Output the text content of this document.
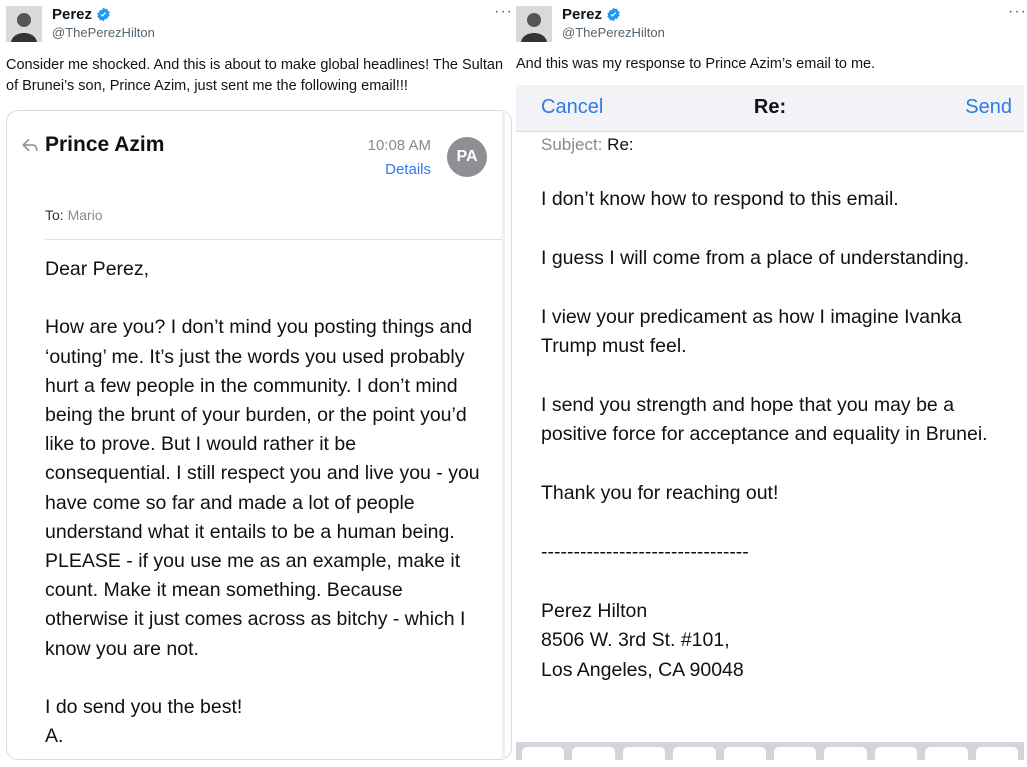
Perez
@ThePerezHilton
···
Consider me shocked. And this is about to make global headlines! The Sultan of Brunei’s son, Prince Azim, just sent me the following email!!!
Prince Azim	10:08 AM
Details
PA
To: Mario
Dear Perez,

How are you? I don’t mind you posting things and ‘outing’ me. It’s just the words you used probably hurt a few people in the community. I don’t mind being the brunt of your burden, or the point you’d like to prove. But I would rather it be consequential. I still respect you and live you - you have come so far and made a lot of people understand what it entails to be a human being. PLEASE - if you use me as an example, make it count. Make it mean something. Because otherwise it just comes across as bitchy - which I know you are not.

I do send you the best!
A.
Perez
@ThePerezHilton
···
And this was my response to Prince Azim’s email to me.
Cancel	Re:	Send
Subject: Re:
I don’t know how to respond to this email.

I guess I will come from a place of understanding.

I view your predicament as how I imagine Ivanka Trump must feel.

I send you strength and hope that you may be a positive force for acceptance and equality in Brunei.

Thank you for reaching out!

--------------------------------

Perez Hilton
8506 W. 3rd St. #101,
Los Angeles, CA 90048
